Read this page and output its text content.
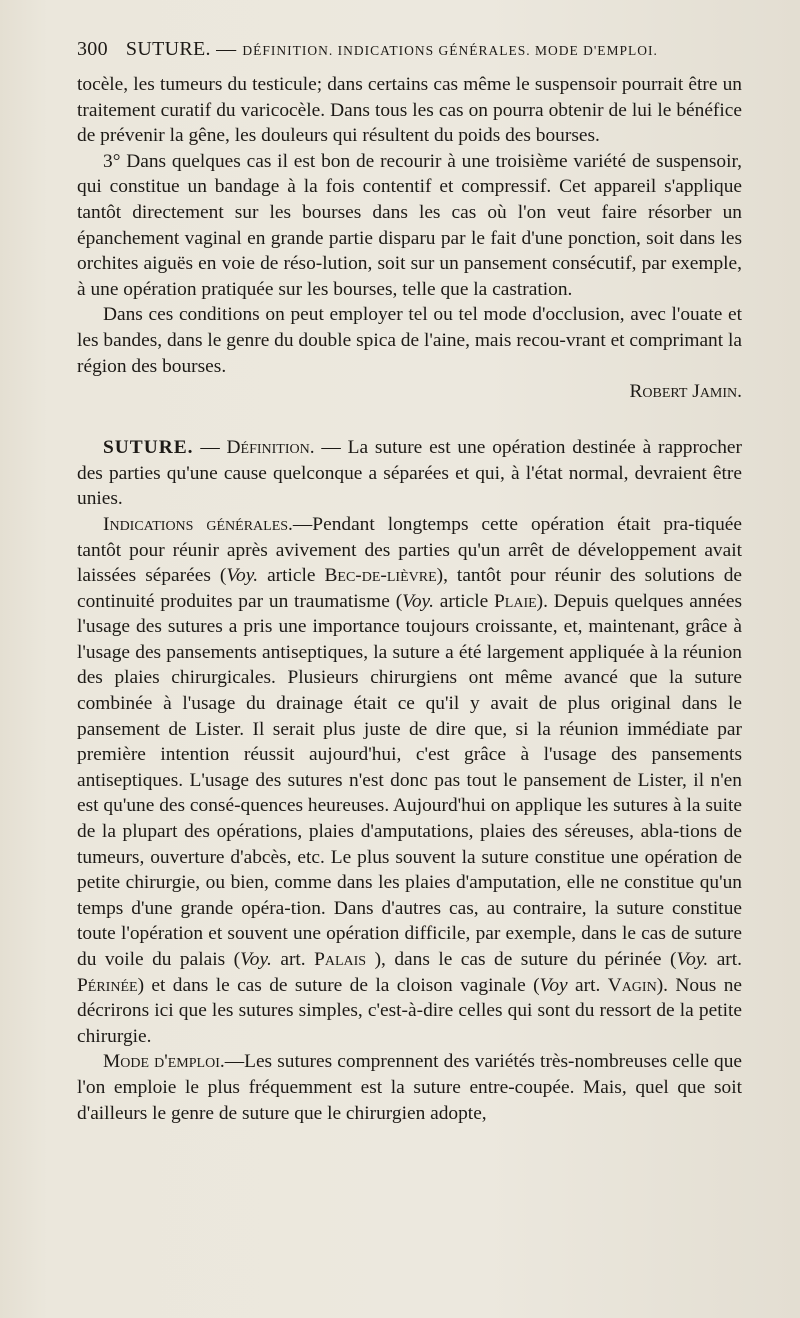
300 SUTURE. — DÉFINITION. INDICATIONS GÉNÉRALES. MODE D'EMPLOI.

tocèle, les tumeurs du testicule; dans certains cas même le suspensoir pourrait être un traitement curatif du varicocèle. Dans tous les cas on pourra obtenir de lui le bénéfice de prévenir la gêne, les douleurs qui résultent du poids des bourses.

3° Dans quelques cas il est bon de recourir à une troisième variété de suspensoir, qui constitue un bandage à la fois contentif et compressif. Cet appareil s'applique tantôt directement sur les bourses dans les cas où l'on veut faire résorber un épanchement vaginal en grande partie disparu par le fait d'une ponction, soit dans les orchites aiguës en voie de réso-lution, soit sur un pansement consécutif, par exemple, à une opération pratiquée sur les bourses, telle que la castration.

Dans ces conditions on peut employer tel ou tel mode d'occlusion, avec l'ouate et les bandes, dans le genre du double spica de l'aine, mais recou-vrant et comprimant la région des bourses.

Robert Jamin.

SUTURE. — Définition. — La suture est une opération destinée à rapprocher des parties qu'une cause quelconque a séparées et qui, à l'état normal, devraient être unies.

Indications générales.—Pendant longtemps cette opération était pra-tiquée tantôt pour réunir après avivement des parties qu'un arrêt de développement avait laissées séparées (Voy. article Bec-de-lièvre), tantôt pour réunir des solutions de continuité produites par un traumatisme (Voy. article Plaie). Depuis quelques années l'usage des sutures a pris une importance toujours croissante, et, maintenant, grâce à l'usage des pansements antiseptiques, la suture a été largement appliquée à la réunion des plaies chirurgicales. Plusieurs chirurgiens ont même avancé que la suture combinée à l'usage du drainage était ce qu'il y avait de plus original dans le pansement de Lister. Il serait plus juste de dire que, si la réunion immédiate par première intention réussit aujourd'hui, c'est grâce à l'usage des pansements antiseptiques. L'usage des sutures n'est donc pas tout le pansement de Lister, il n'en est qu'une des consé-quences heureuses. Aujourd'hui on applique les sutures à la suite de la plupart des opérations, plaies d'amputations, plaies des séreuses, abla-tions de tumeurs, ouverture d'abcès, etc. Le plus souvent la suture constitue une opération de petite chirurgie, ou bien, comme dans les plaies d'amputation, elle ne constitue qu'un temps d'une grande opéra-tion. Dans d'autres cas, au contraire, la suture constitue toute l'opération et souvent une opération difficile, par exemple, dans le cas de suture du voile du palais (Voy. art. Palais ), dans le cas de suture du périnée (Voy. art. Périnée) et dans le cas de suture de la cloison vaginale (Voy art. Vagin). Nous ne décrirons ici que les sutures simples, c'est-à-dire celles qui sont du ressort de la petite chirurgie.

Mode d'emploi.—Les sutures comprennent des variétés très-nombreuses celle que l'on emploie le plus fréquemment est la suture entre-coupée. Mais, quel que soit d'ailleurs le genre de suture que le chirurgien adopte,
